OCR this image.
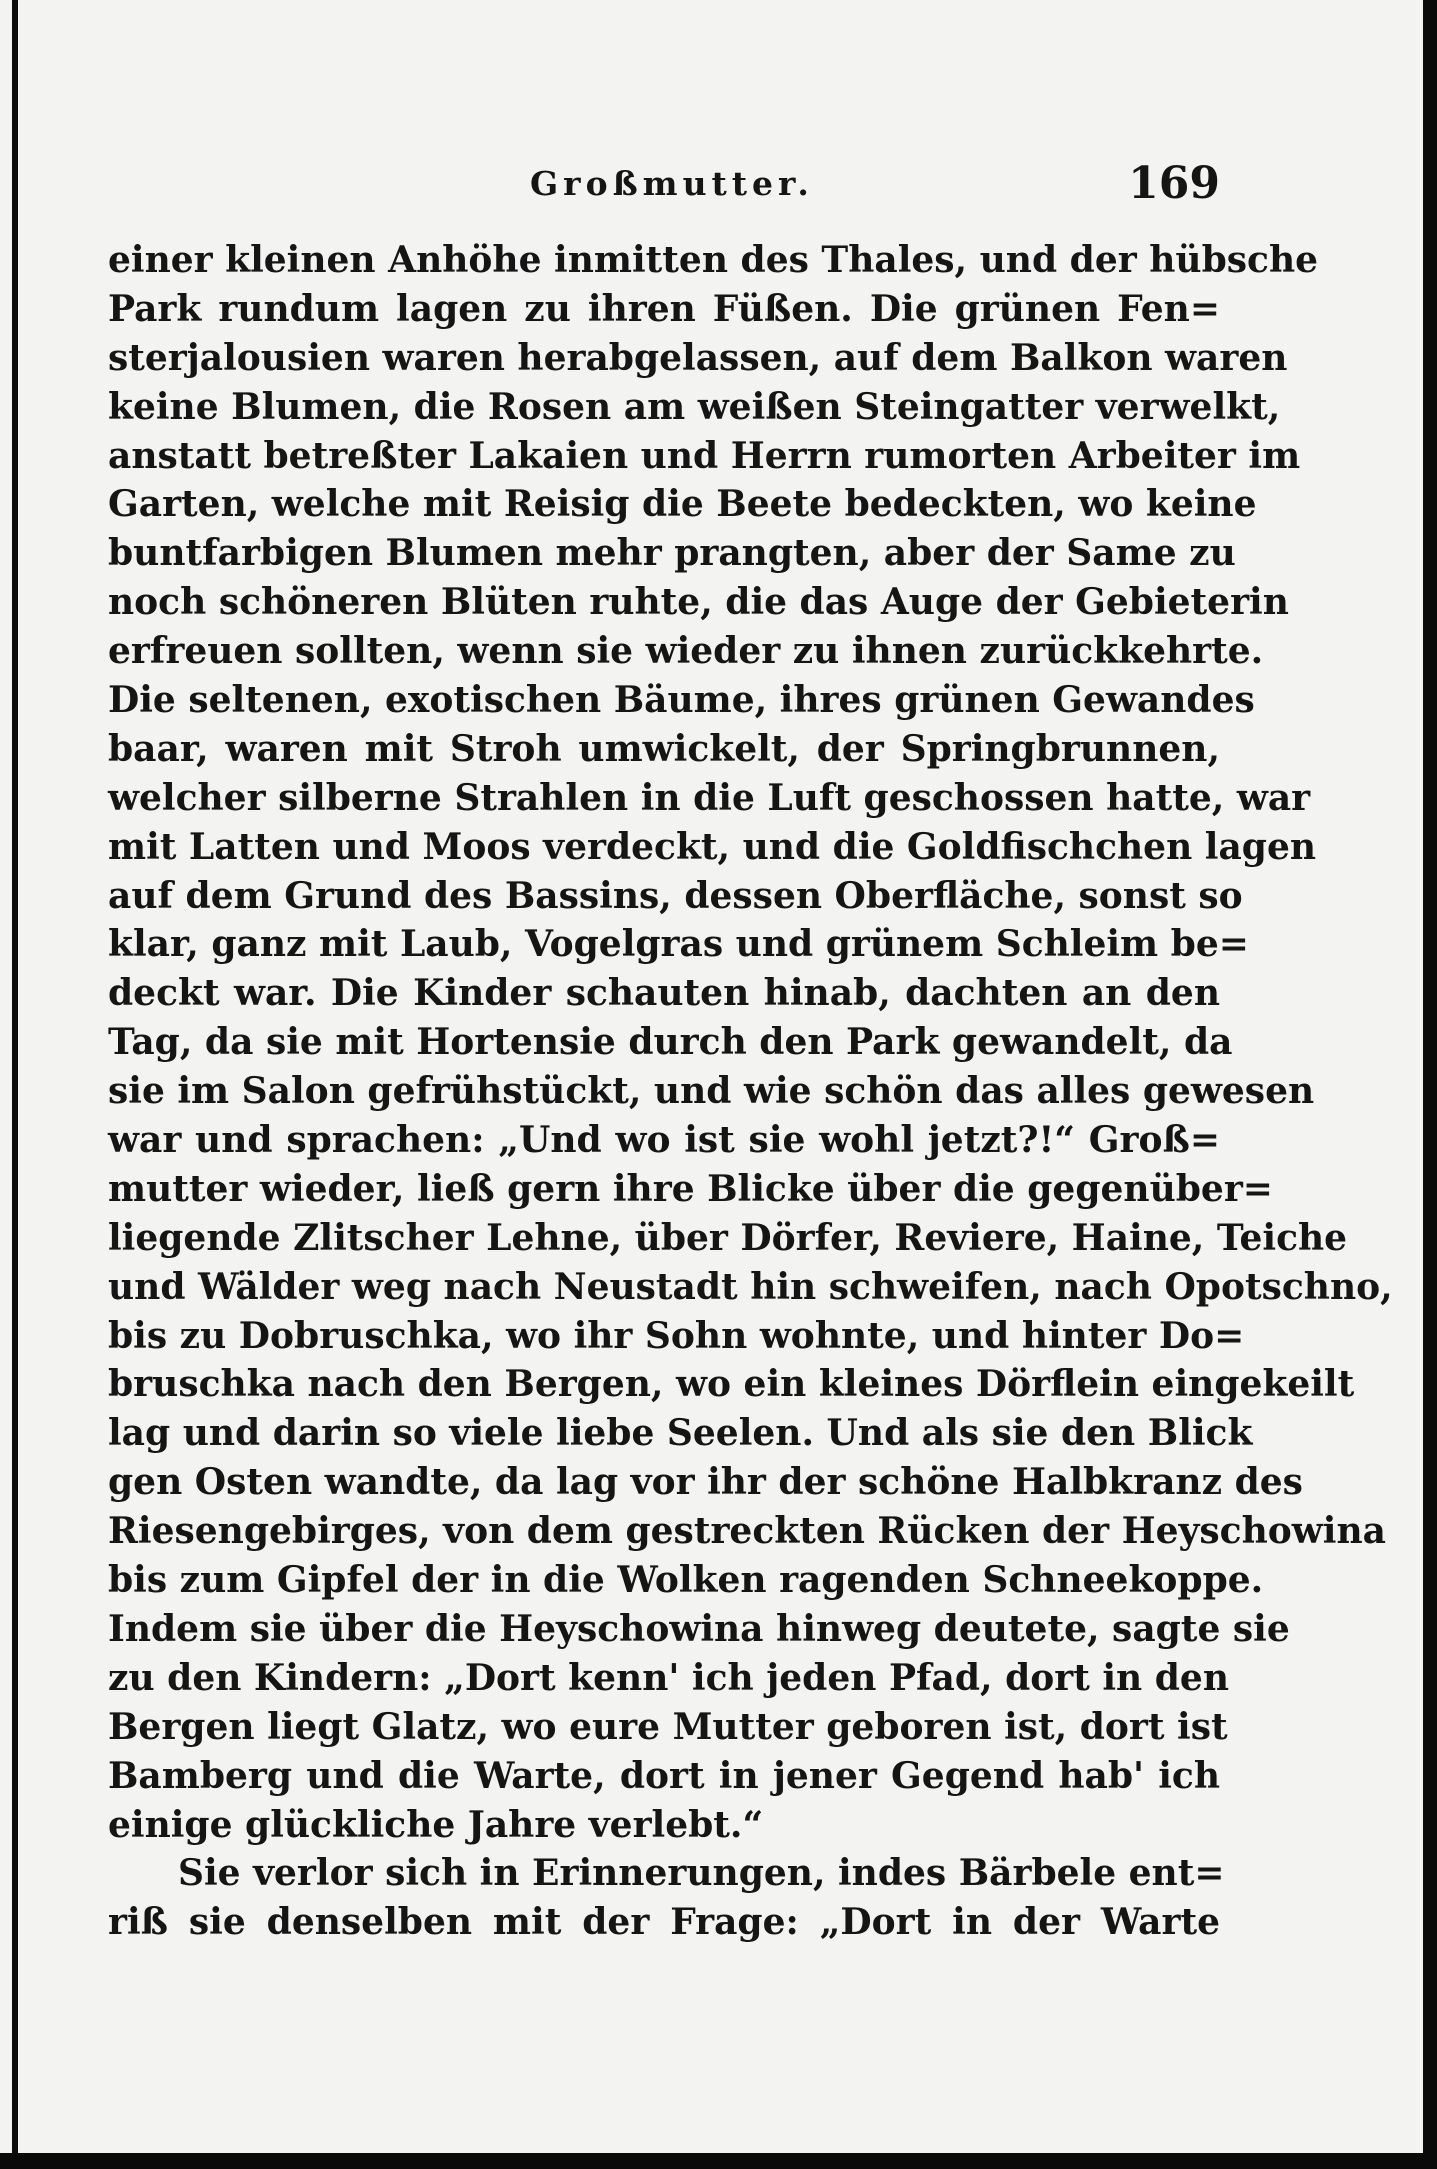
Großmutter.	169
einer kleinen Anhöhe inmitten des Thales, und der hübsche
Park rundum lagen zu ihren Füßen. Die grünen Fen=
sterjalousien waren herabgelassen, auf dem Balkon waren
keine Blumen, die Rosen am weißen Steingatter verwelkt,
anstatt betreßter Lakaien und Herrn rumorten Arbeiter im
Garten, welche mit Reisig die Beete bedeckten, wo keine
buntfarbigen Blumen mehr prangten, aber der Same zu
noch schöneren Blüten ruhte, die das Auge der Gebieterin
erfreuen sollten, wenn sie wieder zu ihnen zurückkehrte.
Die seltenen, exotischen Bäume, ihres grünen Gewandes
baar, waren mit Stroh umwickelt, der Springbrunnen,
welcher silberne Strahlen in die Luft geschossen hatte, war
mit Latten und Moos verdeckt, und die Goldfischchen lagen
auf dem Grund des Bassins, dessen Oberfläche, sonst so
klar, ganz mit Laub, Vogelgras und grünem Schleim be=
deckt war. Die Kinder schauten hinab, dachten an den
Tag, da sie mit Hortensie durch den Park gewandelt, da
sie im Salon gefrühstückt, und wie schön das alles gewesen
war und sprachen: „Und wo ist sie wohl jetzt?!“ Groß=
mutter wieder, ließ gern ihre Blicke über die gegenüber=
liegende Zlitscher Lehne, über Dörfer, Reviere, Haine, Teiche
und Wälder weg nach Neustadt hin schweifen, nach Opotschno,
bis zu Dobruschka, wo ihr Sohn wohnte, und hinter Do=
bruschka nach den Bergen, wo ein kleines Dörflein eingekeilt
lag und darin so viele liebe Seelen. Und als sie den Blick
gen Osten wandte, da lag vor ihr der schöne Halbkranz des
Riesengebirges, von dem gestreckten Rücken der Heyschowina
bis zum Gipfel der in die Wolken ragenden Schneekoppe.
Indem sie über die Heyschowina hinweg deutete, sagte sie
zu den Kindern: „Dort kenn' ich jeden Pfad, dort in den
Bergen liegt Glatz, wo eure Mutter geboren ist, dort ist
Bamberg und die Warte, dort in jener Gegend hab' ich
einige glückliche Jahre verlebt.“
Sie verlor sich in Erinnerungen, indes Bärbele ent=
riß sie denselben mit der Frage: „Dort in der Warte
